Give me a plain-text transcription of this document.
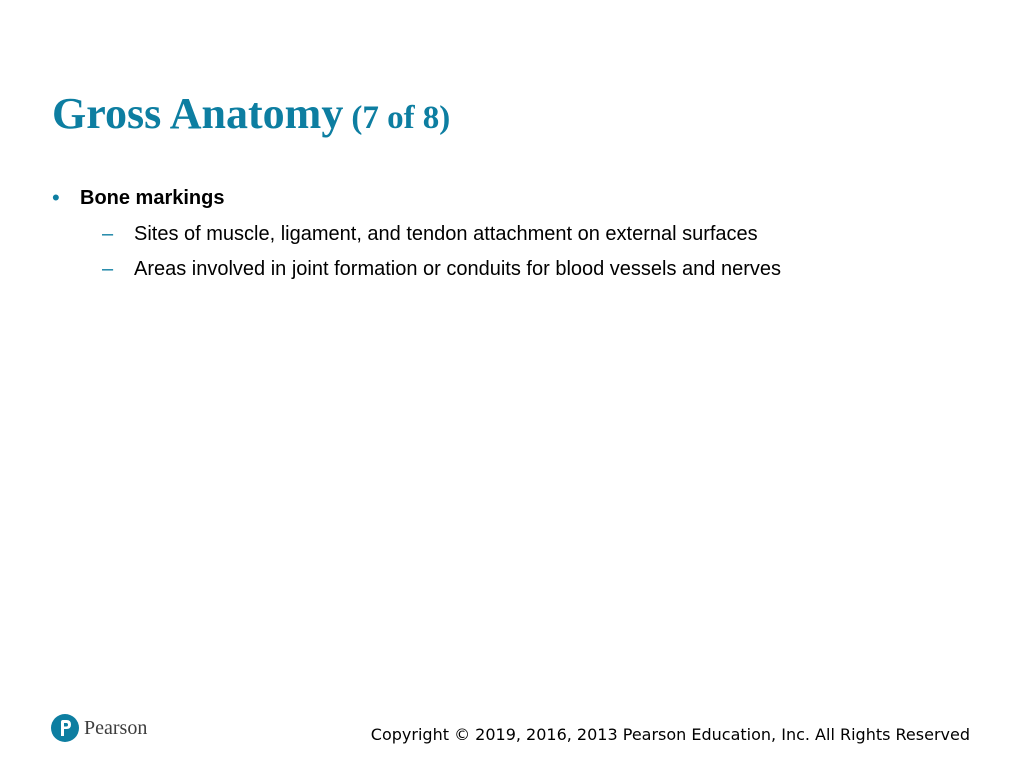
Gross Anatomy (7 of 8)
•	Bone markings
–	Sites of muscle, ligament, and tendon attachment on external surfaces
–	Areas involved in joint formation or conduits for blood vessels and nerves
Pearson	Copyright © 2019, 2016, 2013 Pearson Education, Inc. All Rights Reserved
